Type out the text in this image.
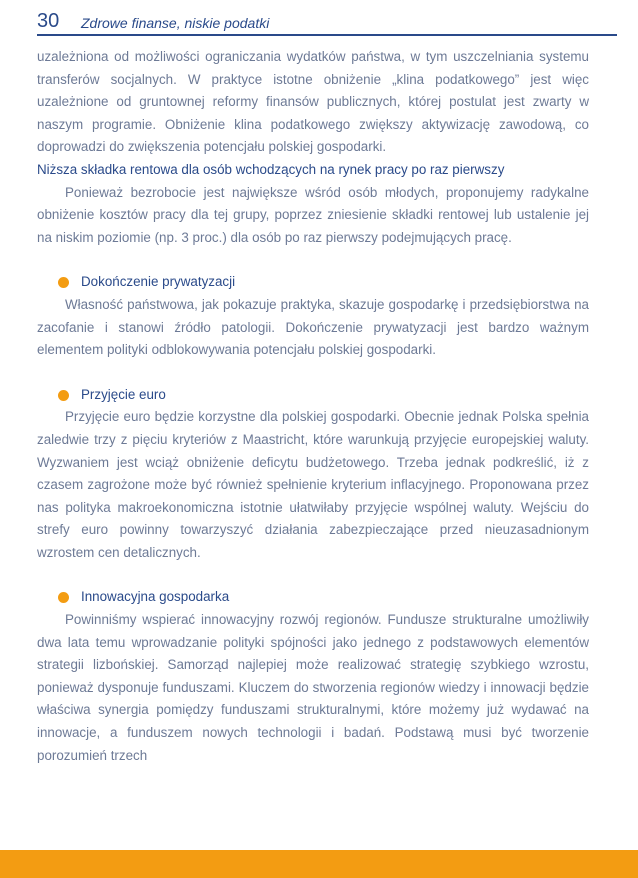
30 Zdrowe finanse, niskie podatki

uzależniona od możliwości ograniczania wydatków państwa, w tym uszczelniania systemu transferów socjalnych. W praktyce istotne obniżenie „klina podatkowego” jest więc uzależnione od gruntownej reformy finansów publicznych, której postulat jest zwarty w naszym programie. Obniżenie klina podatkowego zwiększy aktywizację zawodową, co doprowadzi do zwiększenia potencjału polskiej gospodarki.

Niższa składka rentowa dla osób wchodzących na rynek pracy po raz pierwszy

Ponieważ bezrobocie jest największe wśród osób młodych, proponujemy radykalne obniżenie kosztów pracy dla tej grupy, poprzez zniesienie składki rentowej lub ustalenie jej na niskim poziomie (np. 3 proc.) dla osób po raz pierwszy podejmujących pracę.

Dokończenie prywatyzacji

Własność państwowa, jak pokazuje praktyka, skazuje gospodarkę i przedsiębiorstwa na zacofanie i stanowi źródło patologii. Dokończenie prywatyzacji jest bardzo ważnym elementem polityki odblokowywania potencjału polskiej gospodarki.

Przyjęcie euro

Przyjęcie euro będzie korzystne dla polskiej gospodarki. Obecnie jednak Polska spełnia zaledwie trzy z pięciu kryteriów z Maastricht, które warunkują przyjęcie europejskiej waluty. Wyzwaniem jest wciąż obniżenie deficytu budżetowego. Trzeba jednak podkreślić, iż z czasem zagrożone może być również spełnienie kryterium inflacyjnego. Proponowana przez nas polityka makroekonomiczna istotnie ułatwiłaby przyjęcie wspólnej waluty. Wejściu do strefy euro powinny towarzyszyć działania zabezpieczające przed nieuzasadnionym wzrostem cen detalicznych.

Innowacyjna gospodarka

Powinniśmy wspierać innowacyjny rozwój regionów. Fundusze strukturalne umożliwiły dwa lata temu wprowadzanie polityki spójności jako jednego z podstawowych elementów strategii lizbońskiej. Samorząd najlepiej może realizować strategię szybkiego wzrostu, ponieważ dysponuje funduszami. Kluczem do stworzenia regionów wiedzy i innowacji będzie właściwa synergia pomiędzy funduszami strukturalnymi, które możemy już wydawać na innowacje, a funduszem nowych technologii i badań. Podstawą musi być tworzenie porozumień trzech
